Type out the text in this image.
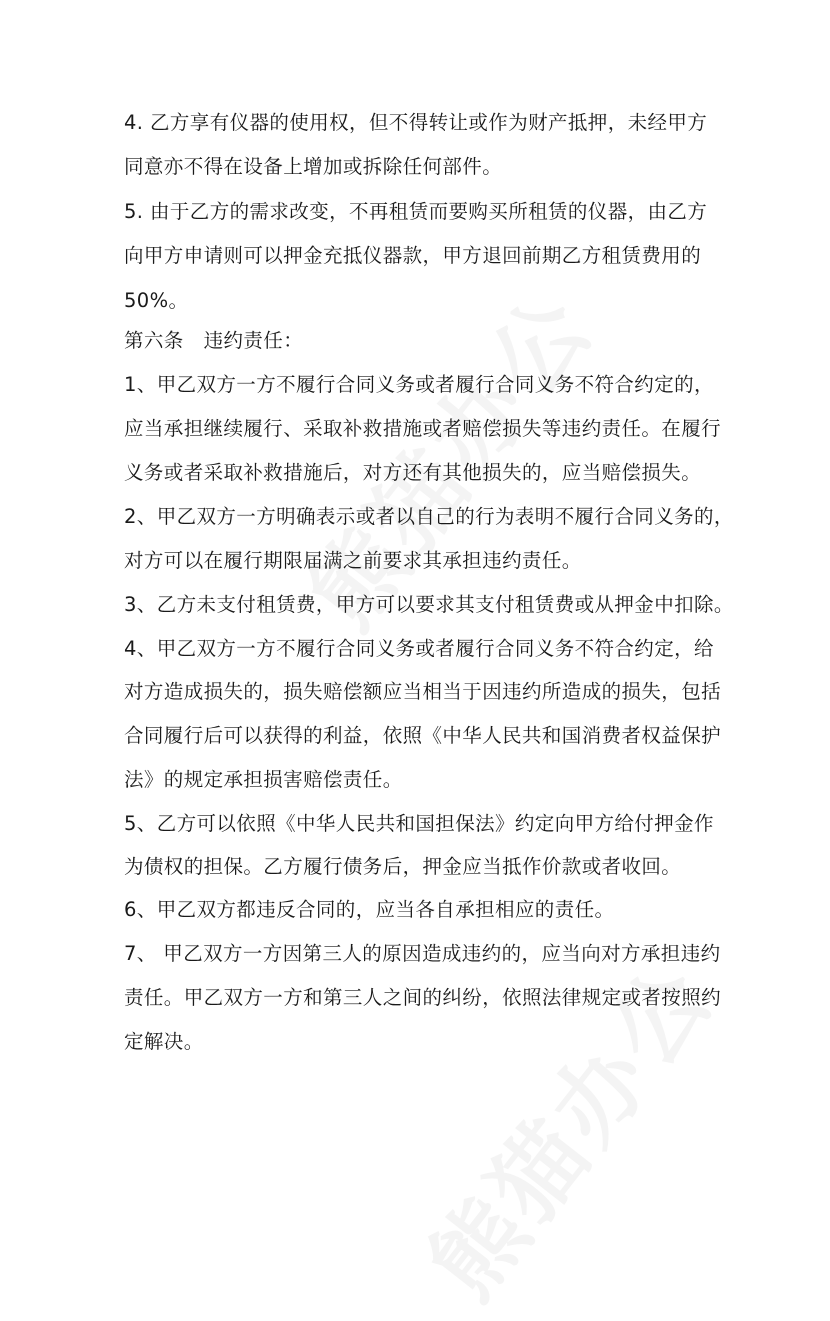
4. 乙方享有仪器的使用权，但不得转让或作为财产抵押，未经甲方
同意亦不得在设备上增加或拆除任何部件。
5. 由于乙方的需求改变，不再租赁而要购买所租赁的仪器，由乙方
向甲方申请则可以押金充抵仪器款，甲方退回前期乙方租赁费用的
50%。
第六条　违约责任：
1、甲乙双方一方不履行合同义务或者履行合同义务不符合约定的，
应当承担继续履行、采取补救措施或者赔偿损失等违约责任。在履行
义务或者采取补救措施后，对方还有其他损失的，应当赔偿损失。
2、甲乙双方一方明确表示或者以自己的行为表明不履行合同义务的，
对方可以在履行期限届满之前要求其承担违约责任。
3、乙方未支付租赁费，甲方可以要求其支付租赁费或从押金中扣除。
4、甲乙双方一方不履行合同义务或者履行合同义务不符合约定，给
对方造成损失的，损失赔偿额应当相当于因违约所造成的损失，包括
合同履行后可以获得的利益，依照《中华人民共和国消费者权益保护
法》的规定承担损害赔偿责任。
5、乙方可以依照《中华人民共和国担保法》约定向甲方给付押金作
为债权的担保。乙方履行债务后，押金应当抵作价款或者收回。
6、甲乙双方都违反合同的，应当各自承担相应的责任。
7、 甲乙双方一方因第三人的原因造成违约的，应当向对方承担违约
责任。甲乙双方一方和第三人之间的纠纷，依照法律规定或者按照约
定解决。
